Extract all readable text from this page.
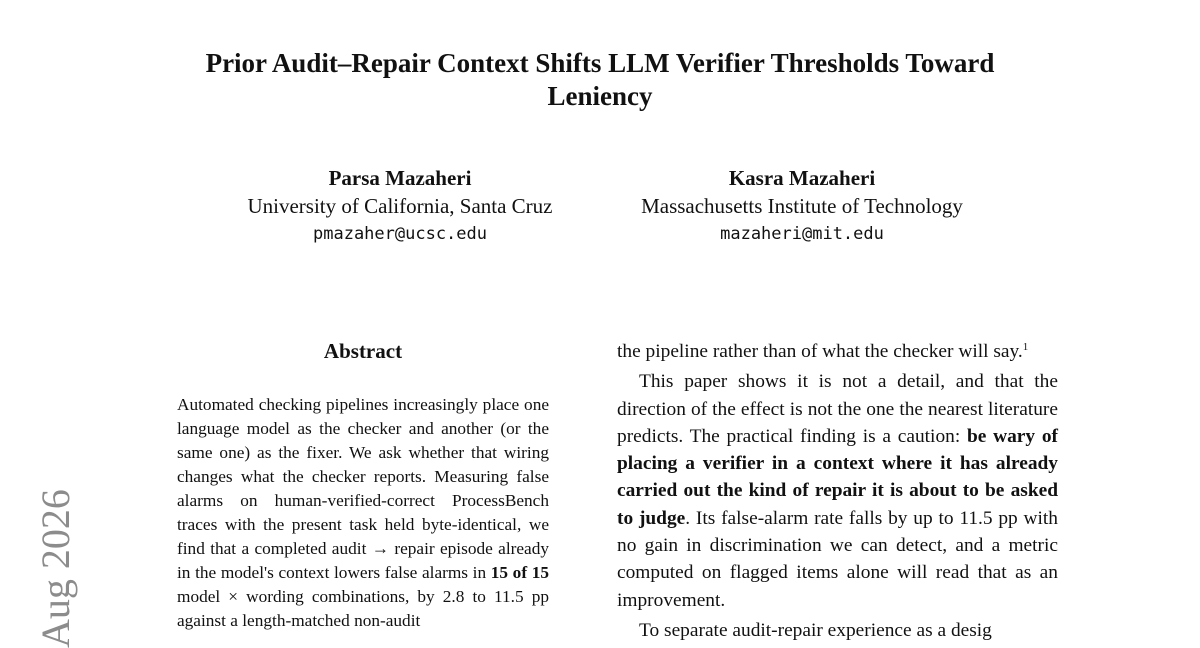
Prior Audit–Repair Context Shifts LLM Verifier Thresholds Toward Leniency
Parsa Mazaheri
University of California, Santa Cruz
pmazaher@ucsc.edu
Kasra Mazaheri
Massachusetts Institute of Technology
mazaheri@mit.edu
Abstract

Automated checking pipelines increasingly place one language model as the checker and another (or the same one) as the fixer. We ask whether that wiring changes what the checker reports. Measuring false alarms on human-verified-correct ProcessBench traces with the present task held byte-identical, we find that a completed audit → repair episode already in the model's context lowers false alarms in 15 of 15 model × wording combinations, by 2.8 to 11.5 pp against a length-matched non-audit

the pipeline rather than of what the checker will say.$^1$

This paper shows it is not a detail, and that the direction of the effect is not the one the nearest literature predicts. The practical finding is a caution: be wary of placing a verifier in a context where it has already carried out the kind of repair it is about to be asked to judge. Its false-alarm rate falls by up to 11.5 pp with no gain in discrimination we can detect, and a metric computed on flagged items alone will read that as an improvement.

To separate audit-repair experience as a desig

Aug 2026
